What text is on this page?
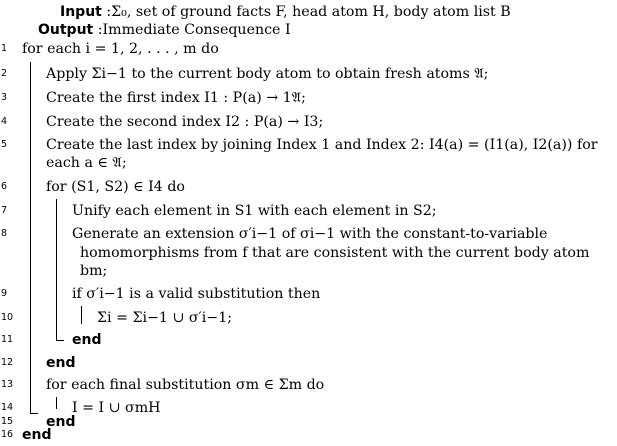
Input :Σ₀, set of ground facts F, head atom H, body atom list B
Output :Immediate Consequence I
1	for each i = 1, 2, . . . , m do
2	Apply Σi−1 to the current body atom to obtain fresh atoms 𝔄;
3	Create the first index I1 : P(a) → 1𝔄;
4	Create the second index I2 : P(a) → I3;
5	Create the last index by joining Index 1 and Index 2: I4(a) = (I1(a), I2(a)) for
each a ∈ 𝔄;
6	for (S1, S2) ∈ I4 do
7	Unify each element in S1 with each element in S2;
8	Generate an extension σ′i−1 of σi−1 with the constant-to-variable
homomorphisms from f that are consistent with the current body atom
bm;
9	if σ′i−1 is a valid substitution then
10	Σi = Σi−1 ∪ σ′i−1;
11	end
12 end
13 for each final substitution σm ∈ Σm do
14	I = I ∪ σmH
15 end
16 end
